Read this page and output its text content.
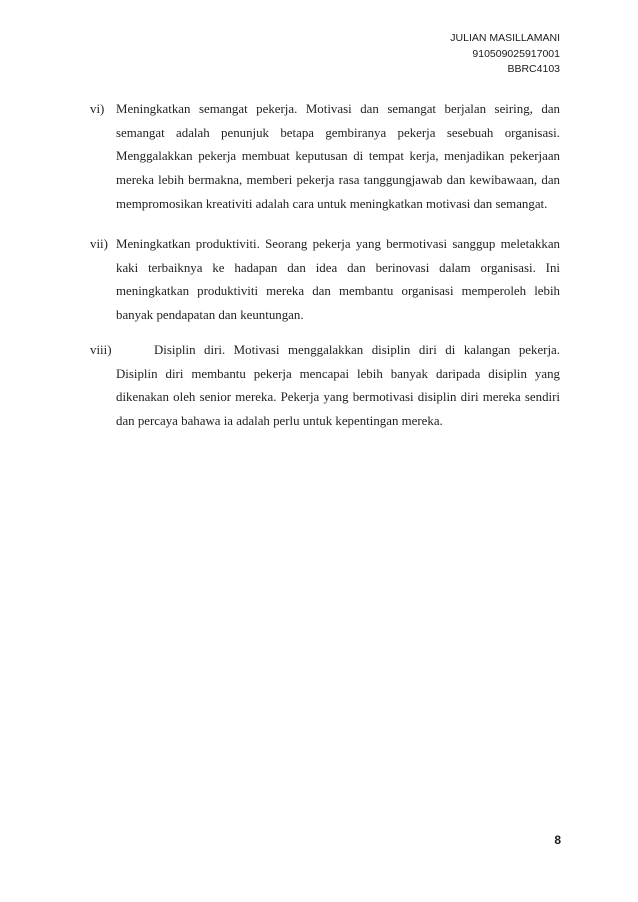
JULIAN MASILLAMANI
910509025917001
BBRC4103
vi) Meningkatkan semangat pekerja. Motivasi dan semangat berjalan seiring, dan semangat adalah penunjuk betapa gembiranya pekerja sesebuah organisasi. Menggalakkan pekerja membuat keputusan di tempat kerja, menjadikan pekerjaan mereka lebih bermakna, memberi pekerja rasa tanggungjawab dan kewibawaan, dan mempromosikan kreativiti adalah cara untuk meningkatkan motivasi dan semangat.
vii) Meningkatkan produktiviti. Seorang pekerja yang bermotivasi sanggup meletakkan kaki terbaiknya ke hadapan dan idea dan berinovasi dalam organisasi. Ini meningkatkan produktiviti mereka dan membantu organisasi memperoleh lebih banyak pendapatan dan keuntungan.
viii)	Disiplin diri. Motivasi menggalakkan disiplin diri di kalangan pekerja. Disiplin diri membantu pekerja mencapai lebih banyak daripada disiplin yang dikenakan oleh senior mereka. Pekerja yang bermotivasi disiplin diri mereka sendiri dan percaya bahawa ia adalah perlu untuk kepentingan mereka.
8
